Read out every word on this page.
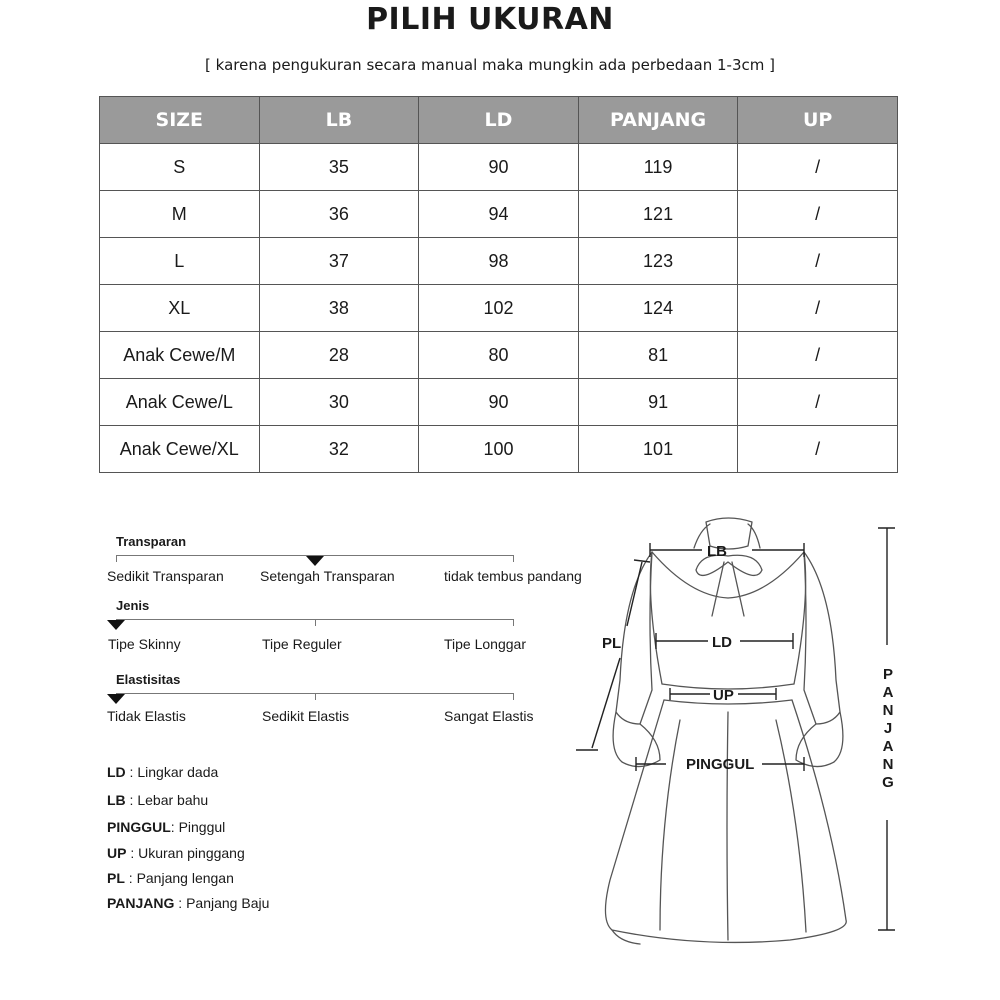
PILIH UKURAN
[ karena pengukuran secara manual maka mungkin ada perbedaan 1-3cm ]
SIZE	LB	LD	PANJANG	UP
S	35	90	119	/
M	36	94	121	/
L	37	98	123	/
XL	38	102	124	/
Anak Cewe/M	28	80	81	/
Anak Cewe/L	30	90	91	/
Anak Cewe/XL	32	100	101	/
Transparan
Sedikit Transparan	Setengah Transparan	tidak tembus pandang
Jenis
Tipe Skinny	Tipe Reguler	Tipe Longgar
Elastisitas
Tidak Elastis	Sedikit Elastis	Sangat Elastis
LD : Lingkar dada
LB : Lebar bahu
PINGGUL: Pinggul
UP : Ukuran pinggang
PL : Panjang lengan
PANJANG : Panjang Baju
LB
LD
UP
PL
PINGGUL
P
A
N
J
A
N
G
